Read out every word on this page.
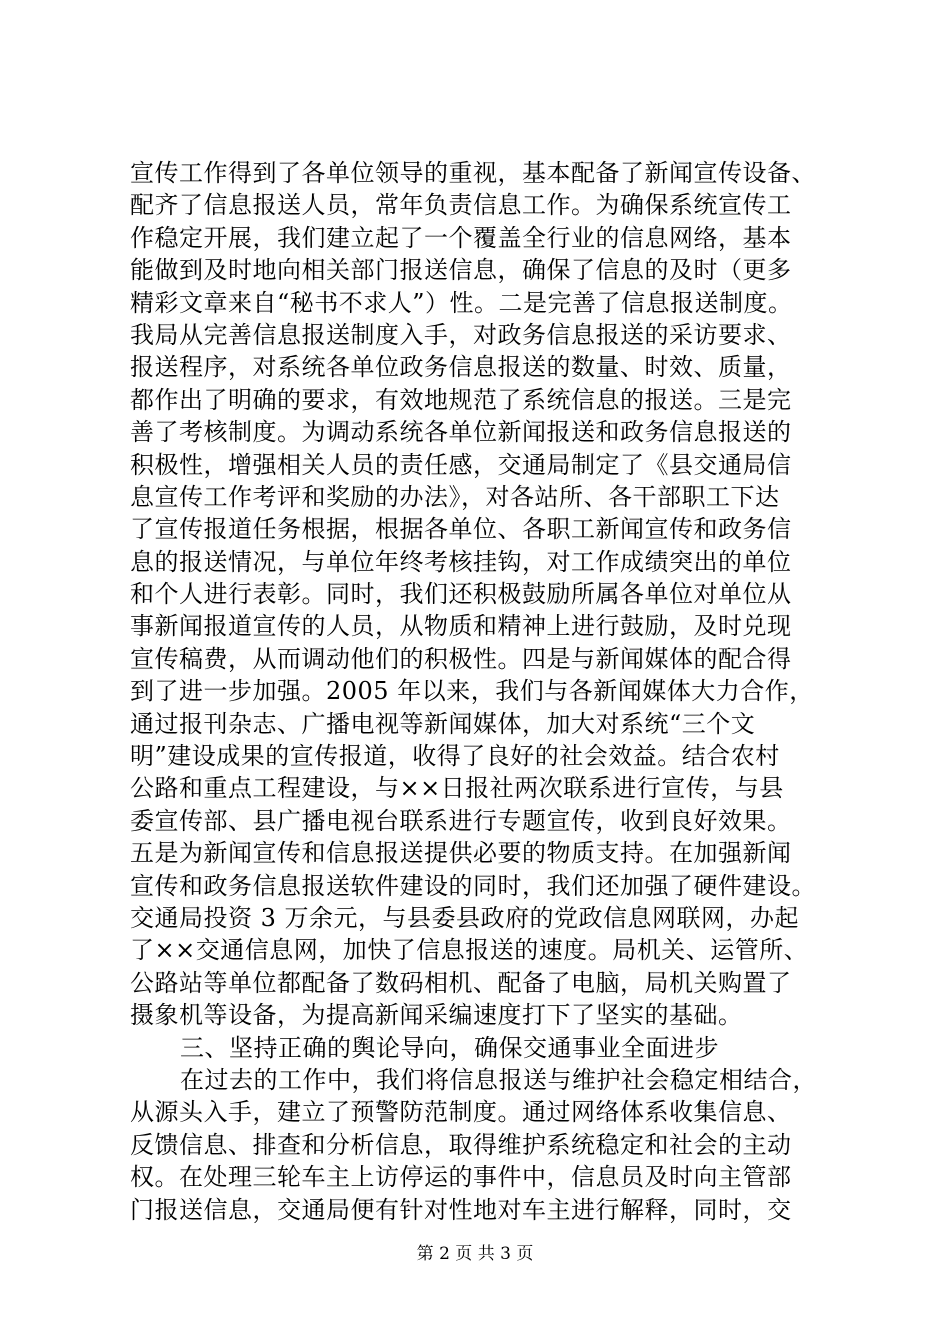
宣传工作得到了各单位领导的重视，基本配备了新闻宣传设备、
配齐了信息报送人员，常年负责信息工作。为确保系统宣传工
作稳定开展，我们建立起了一个覆盖全行业的信息网络，基本
能做到及时地向相关部门报送信息，确保了信息的及时（更多
精彩文章来自“秘书不求人”）性。二是完善了信息报送制度。
我局从完善信息报送制度入手，对政务信息报送的采访要求、
报送程序，对系统各单位政务信息报送的数量、时效、质量，
都作出了明确的要求，有效地规范了系统信息的报送。三是完
善了考核制度。为调动系统各单位新闻报送和政务信息报送的
积极性，增强相关人员的责任感，交通局制定了《县交通局信
息宣传工作考评和奖励的办法》，对各站所、各干部职工下达
了宣传报道任务根据，根据各单位、各职工新闻宣传和政务信
息的报送情况，与单位年终考核挂钩，对工作成绩突出的单位
和个人进行表彰。同时，我们还积极鼓励所属各单位对单位从
事新闻报道宣传的人员，从物质和精神上进行鼓励，及时兑现
宣传稿费，从而调动他们的积极性。四是与新闻媒体的配合得
到了进一步加强。2005 年以来，我们与各新闻媒体大力合作，
通过报刊杂志、广播电视等新闻媒体，加大对系统“三个文
明”建设成果的宣传报道，收得了良好的社会效益。结合农村
公路和重点工程建设，与××日报社两次联系进行宣传，与县
委宣传部、县广播电视台联系进行专题宣传，收到良好效果。
五是为新闻宣传和信息报送提供必要的物质支持。在加强新闻
宣传和政务信息报送软件建设的同时，我们还加强了硬件建设。
交通局投资 3 万余元，与县委县政府的党政信息网联网，办起
了××交通信息网，加快了信息报送的速度。局机关、运管所、
公路站等单位都配备了数码相机、配备了电脑，局机关购置了
摄象机等设备，为提高新闻采编速度打下了坚实的基础。
三、坚持正确的舆论导向，确保交通事业全面进步
在过去的工作中，我们将信息报送与维护社会稳定相结合，
从源头入手，建立了预警防范制度。通过网络体系收集信息、
反馈信息、排查和分析信息，取得维护系统稳定和社会的主动
权。在处理三轮车主上访停运的事件中，信息员及时向主管部
门报送信息，交通局便有针对性地对车主进行解释，同时，交
第 2 页 共 3 页
